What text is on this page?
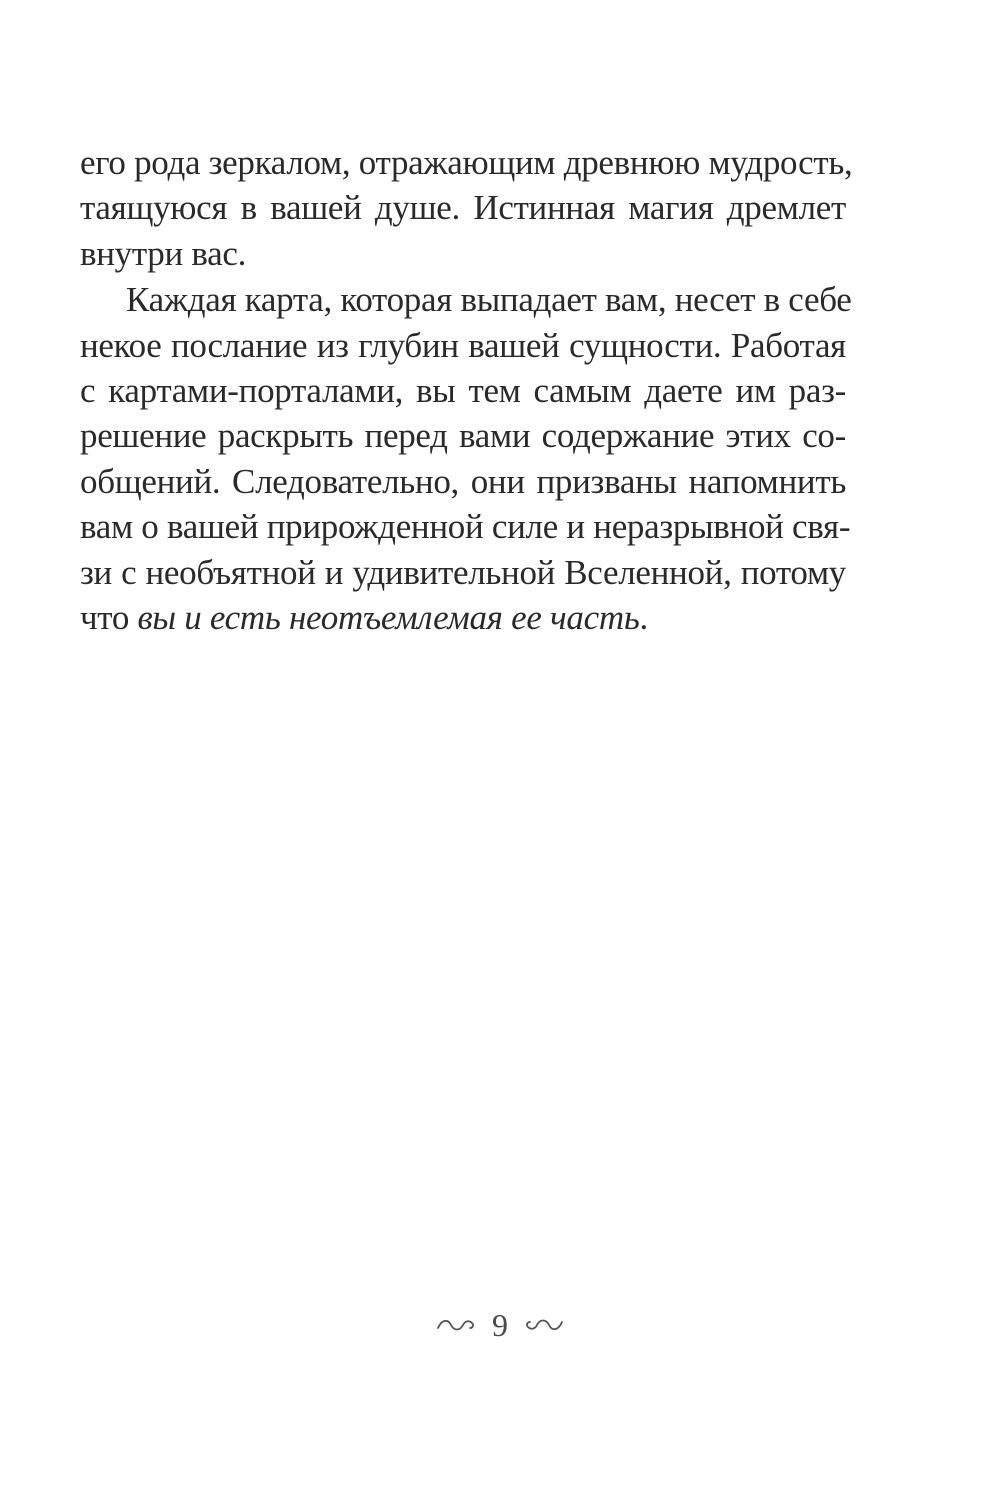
его рода зеркалом, отражающим древнюю мудрость,
таящуюся в вашей душе. Истинная магия дремлет
внутри вас.
Каждая карта, которая выпадает вам, несет в себе
некое послание из глубин вашей сущности. Работая
с картами-порталами, вы тем самым даете им раз-
решение раскрыть перед вами содержание этих со-
общений. Следовательно, они призваны напомнить
вам о вашей прирожденной силе и неразрывной свя-
зи с необъятной и удивительной Вселенной, потому
что вы и есть неотъемлемая ее часть.
9
